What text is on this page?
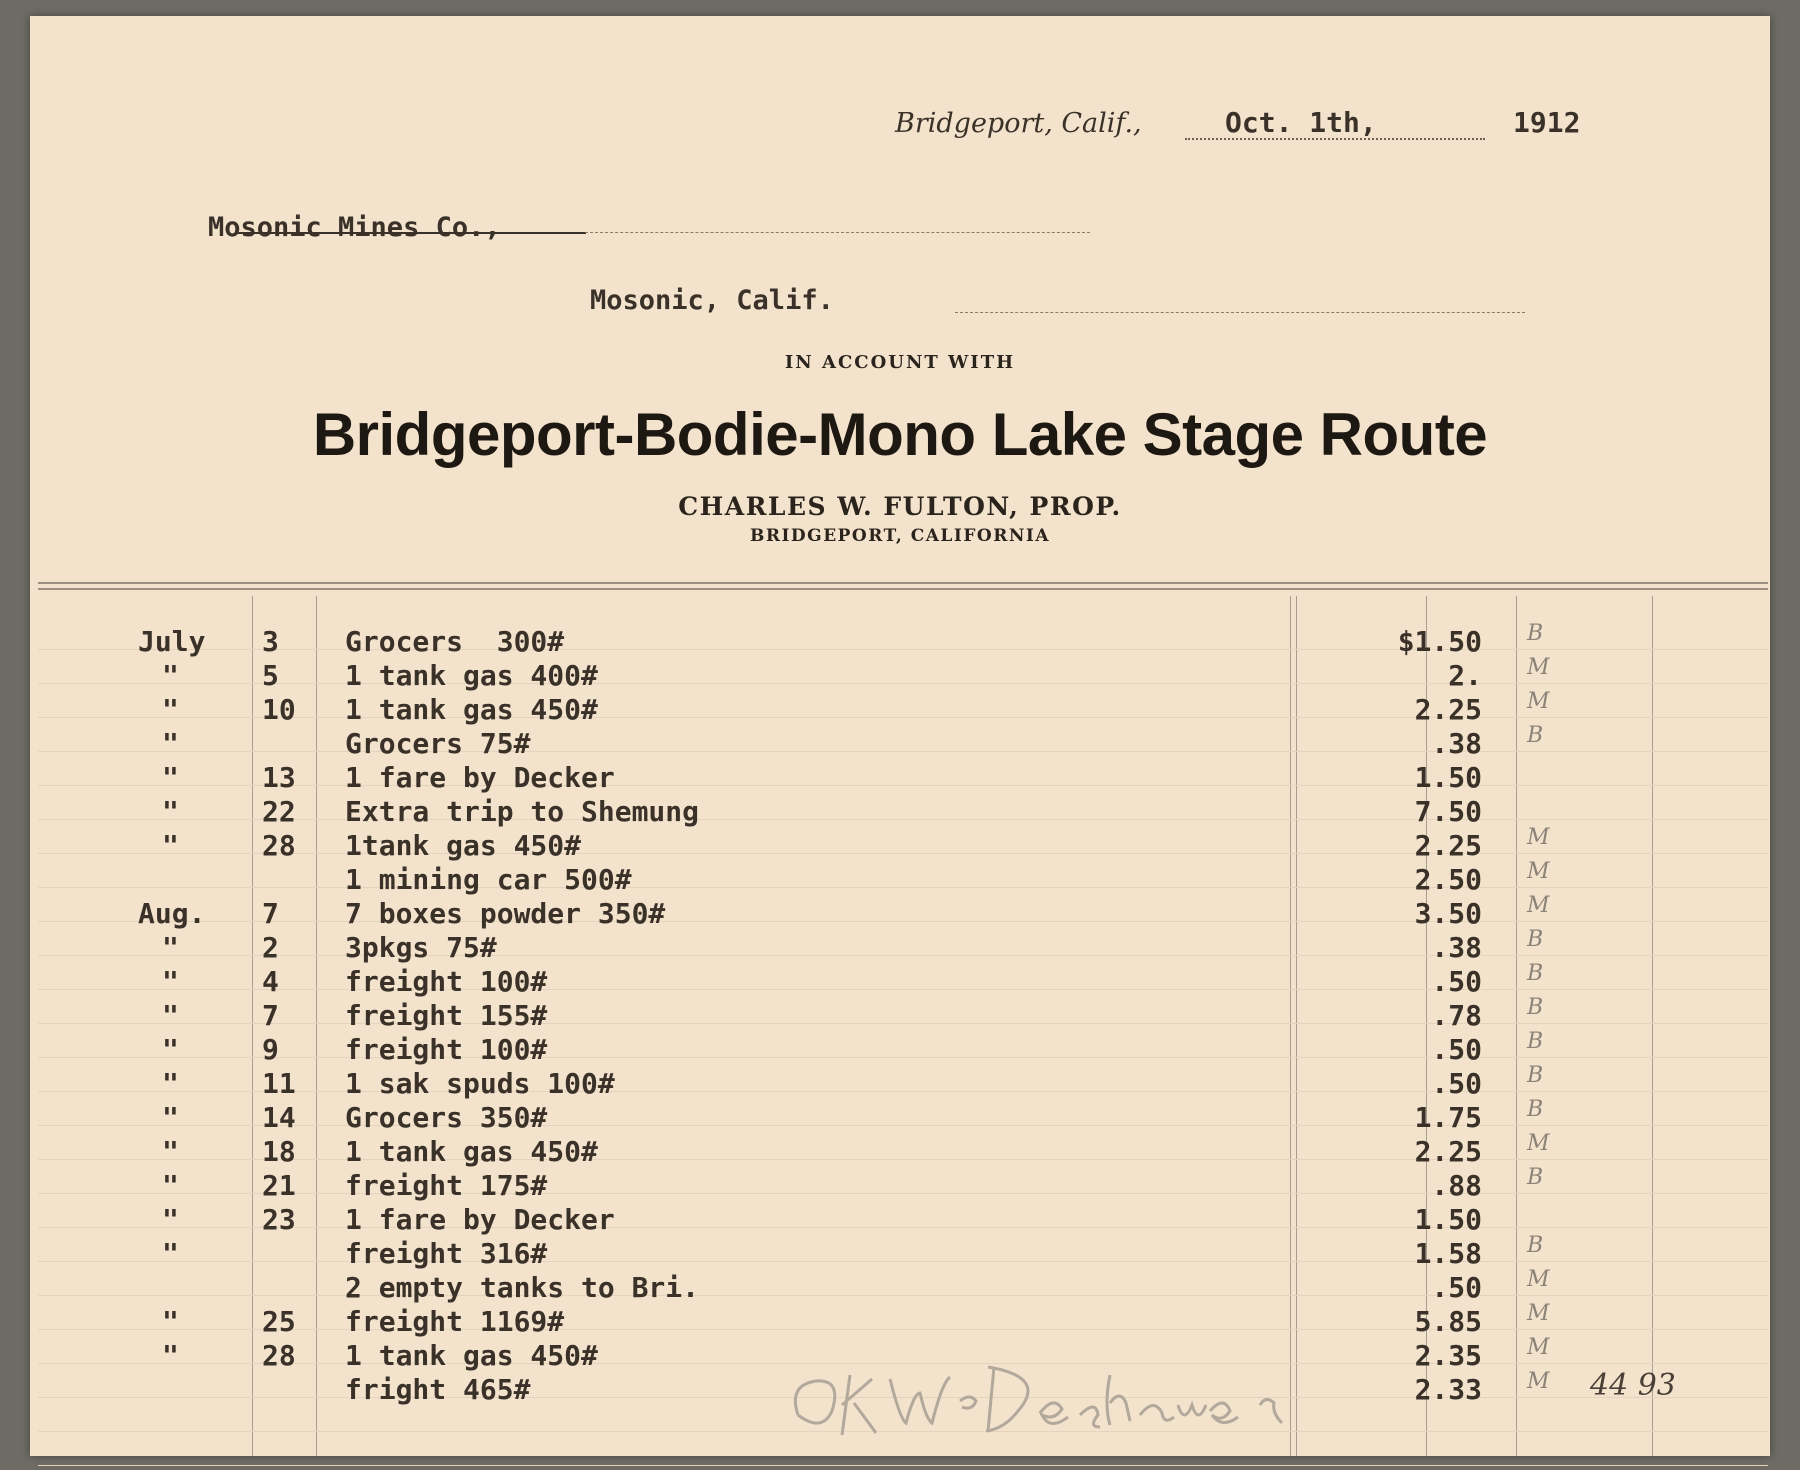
Bridgeport, Calif.,	Oct. 1th,	1912
Mosonic Mines Co.,
Mosonic, Calif.
IN ACCOUNT WITH
Bridgeport-Bodie-Mono Lake Stage Route
CHARLES W. FULTON, PROP.
BRIDGEPORT, CALIFORNIA
July 3 Grocers  300#	$1.50 B
"	5 1 tank gas 400#	2. M
"	10 1 tank gas 450#	2.25 M
"	Grocers 75#	.38 B
"	13 1 fare by Decker	1.50
"	22 Extra trip to Shemung	7.50
"	28 1tank gas 450#	2.25 M
1 mining car 500#	2.50 M
Aug. 7 7 boxes powder 350#	3.50 M
"	2 3pkgs 75#	.38 B
"	4 freight 100#	.50 B
"	7 freight 155#	.78 B
"	9 freight 100#	.50 B
"	11 1 sak spuds 100#	.50 B
"	14 Grocers 350#	1.75 B
"	18 1 tank gas 450#	2.25 M
"	21 freight 175#	.88 B
"	23 1 fare by Decker	1.50
"	freight 316#	1.58 B
2 empty tanks to Bri.	.50 M
"	25 freight 1169#	5.85 M
"	28 1 tank gas 450#	2.35 M
fright 465#	2.33 M 44 93
